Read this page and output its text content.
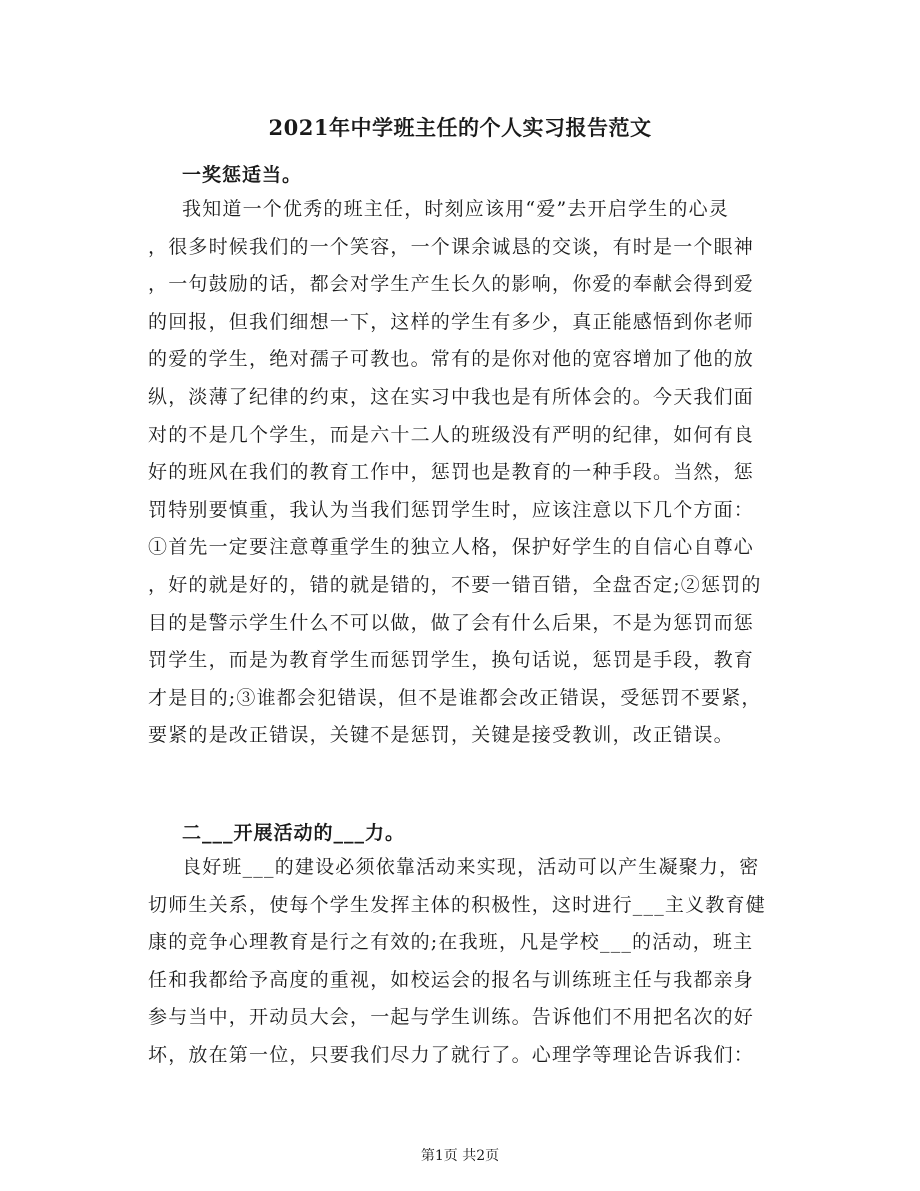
2021年中学班主任的个人实习报告范文
一奖惩适当。
我知道一个优秀的班主任，时刻应该用“爱”去开启学生的心灵
，很多时候我们的一个笑容，一个课余诚恳的交谈，有时是一个眼神
，一句鼓励的话，都会对学生产生长久的影响，你爱的奉献会得到爱
的回报，但我们细想一下，这样的学生有多少，真正能感悟到你老师
的爱的学生，绝对孺子可教也。常有的是你对他的宽容增加了他的放
纵，淡薄了纪律的约束，这在实习中我也是有所体会的。今天我们面
对的不是几个学生，而是六十二人的班级没有严明的纪律，如何有良
好的班风在我们的教育工作中，惩罚也是教育的一种手段。当然，惩
罚特别要慎重，我认为当我们惩罚学生时，应该注意以下几个方面：
①首先一定要注意尊重学生的独立人格，保护好学生的自信心自尊心
，好的就是好的，错的就是错的，不要一错百错，全盘否定;②惩罚的
目的是警示学生什么不可以做，做了会有什么后果，不是为惩罚而惩
罚学生，而是为教育学生而惩罚学生，换句话说，惩罚是手段，教育
才是目的;③谁都会犯错误，但不是谁都会改正错误，受惩罚不要紧，
要紧的是改正错误，关键不是惩罚，关键是接受教训，改正错误。
二___开展活动的___力。
良好班___的建设必须依靠活动来实现，活动可以产生凝聚力，密
切师生关系，使每个学生发挥主体的积极性，这时进行___主义教育健
康的竞争心理教育是行之有效的;在我班，凡是学校___的活动，班主
任和我都给予高度的重视，如校运会的报名与训练班主任与我都亲身
参与当中，开动员大会，一起与学生训练。告诉他们不用把名次的好
坏，放在第一位，只要我们尽力了就行了。心理学等理论告诉我们：
第1页 共2页
